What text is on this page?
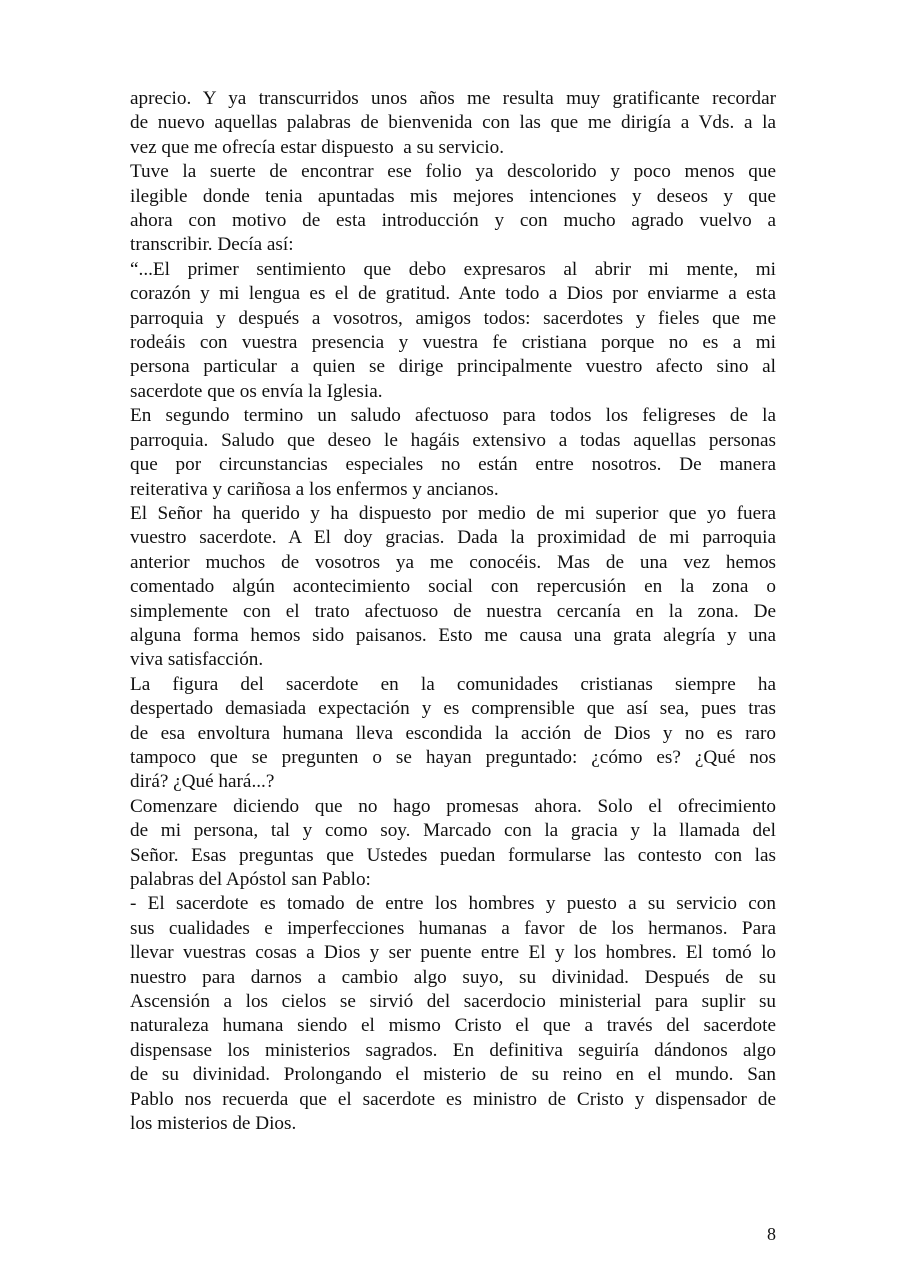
aprecio. Y ya transcurridos unos años me resulta muy gratificante recordar
de nuevo aquellas palabras de bienvenida con las que me dirigía a Vds. a la
vez que me ofrecía estar dispuesto  a su servicio.
Tuve la suerte de encontrar ese folio ya descolorido y poco menos que
ilegible donde tenia apuntadas mis mejores intenciones y deseos y que
ahora con motivo de esta introducción y con mucho agrado vuelvo a
transcribir. Decía así:
“...El primer sentimiento que debo expresaros al abrir mi mente, mi
corazón y mi lengua es el de gratitud. Ante todo a Dios por enviarme a esta
parroquia y después a vosotros, amigos todos: sacerdotes y fieles que me
rodeáis con vuestra presencia y vuestra fe cristiana porque no es a mi
persona particular a quien se dirige principalmente vuestro afecto sino al
sacerdote que os envía la Iglesia.
En segundo termino un saludo afectuoso para todos los feligreses de la
parroquia. Saludo que deseo le hagáis extensivo a todas aquellas personas
que por circunstancias especiales no están entre nosotros. De manera
reiterativa y cariñosa a los enfermos y ancianos.
El Señor ha querido y ha dispuesto por medio de mi superior que yo fuera
vuestro sacerdote. A El doy gracias. Dada la proximidad de mi parroquia
anterior muchos de vosotros ya me conocéis. Mas de una vez hemos
comentado algún acontecimiento social con repercusión en la zona o
simplemente con el trato afectuoso de nuestra cercanía en la zona. De
alguna forma hemos sido paisanos. Esto me causa una grata alegría y una
viva satisfacción.
La figura del sacerdote en la comunidades cristianas siempre ha
despertado demasiada expectación y es comprensible que así sea, pues tras
de esa envoltura humana lleva escondida la acción de Dios y no es raro
tampoco que se pregunten o se hayan preguntado: ¿cómo es? ¿Qué nos
dirá? ¿Qué hará...?
Comenzare diciendo que no hago promesas ahora. Solo el ofrecimiento
de mi persona, tal y como soy. Marcado con la gracia y la llamada del
Señor. Esas preguntas que Ustedes puedan formularse las contesto con las
palabras del Apóstol san Pablo:
- El sacerdote es tomado de entre los hombres y puesto a su servicio con
sus cualidades e imperfecciones humanas a favor de los hermanos. Para
llevar vuestras cosas a Dios y ser puente entre El y los hombres. El tomó lo
nuestro para darnos a cambio algo suyo, su divinidad. Después de su
Ascensión a los cielos se sirvió del sacerdocio ministerial para suplir su
naturaleza humana siendo el mismo Cristo el que a través del sacerdote
dispensase los ministerios sagrados. En definitiva seguiría dándonos algo
de su divinidad. Prolongando el misterio de su reino en el mundo. San
Pablo nos recuerda que el sacerdote es ministro de Cristo y dispensador de
los misterios de Dios.
8
